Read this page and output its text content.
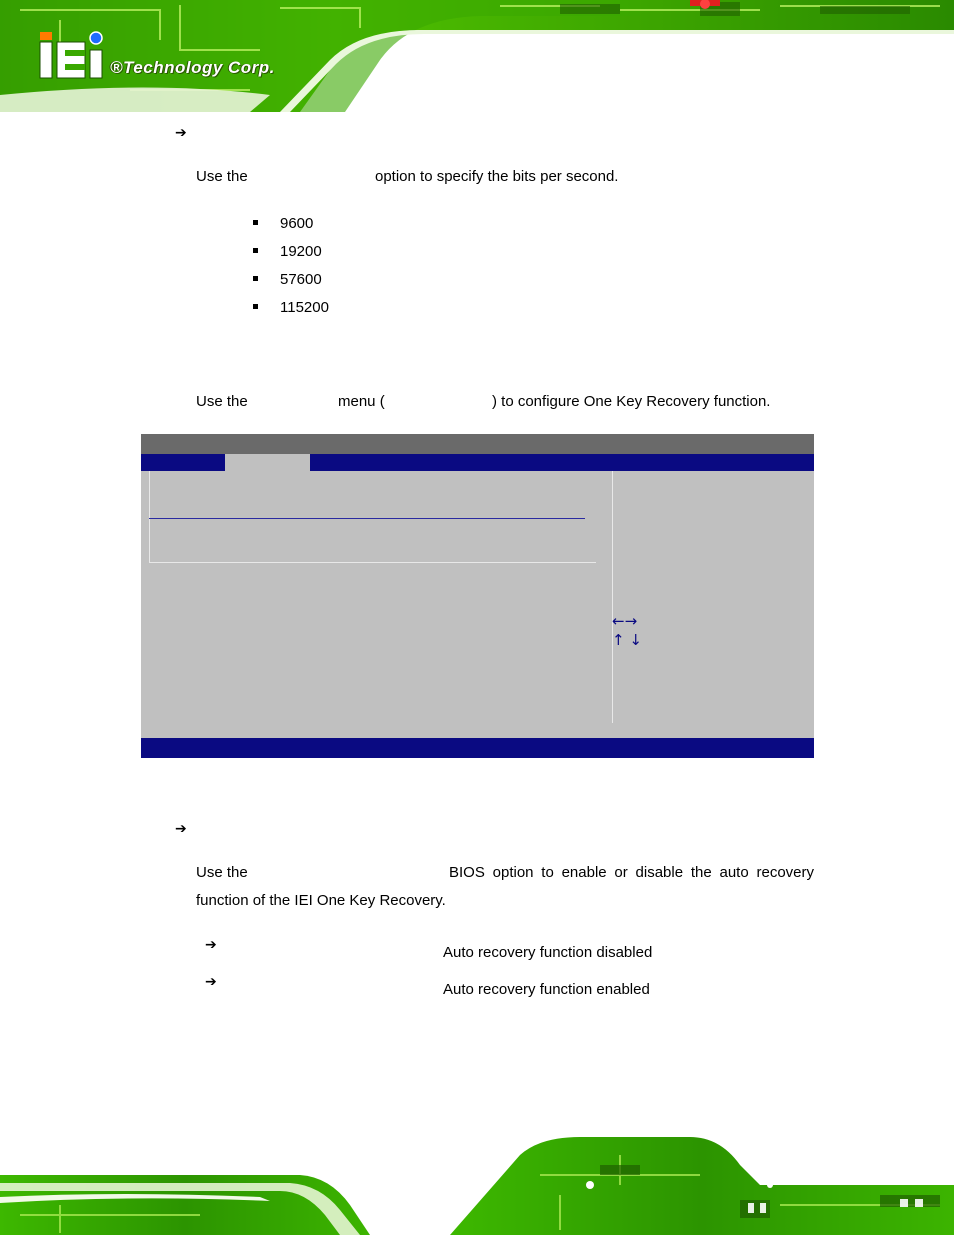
®Technology Corp.
➔
Use the	option to specify the bits per second.
9600
19200
57600
115200
Use the	menu (	) to configure One Key Recovery function.
←→
↑ ↓
➔
Use the	BIOS option to enable or disable the auto recovery
function of the IEI One Key Recovery.
➔	Auto recovery function disabled
➔	Auto recovery function enabled
